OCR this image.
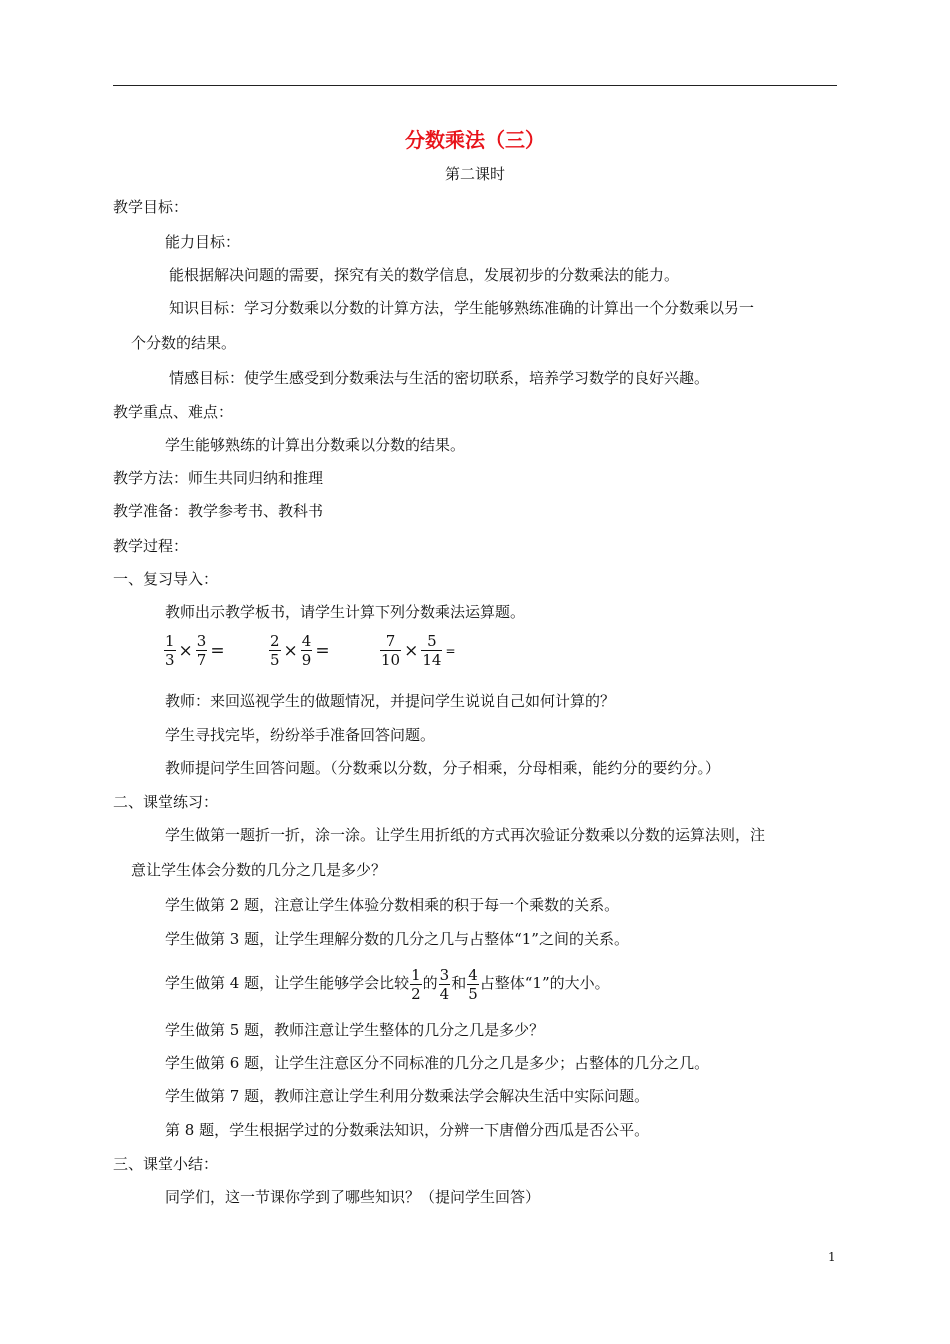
分数乘法（三）
第二课时
教学目标：
能力目标：
能根据解决问题的需要，探究有关的数学信息，发展初步的分数乘法的能力。
知识目标：学习分数乘以分数的计算方法，学生能够熟练准确的计算出一个分数乘以另一
个分数的结果。
情感目标：使学生感受到分数乘法与生活的密切联系，培养学习数学的良好兴趣。
教学重点、难点：
学生能够熟练的计算出分数乘以分数的结果。
教学方法：师生共同归纳和推理
教学准备：教学参考书、教科书
教学过程：
一、复习导入：
教师出示教学板书，请学生计算下列分数乘法运算题。
$\frac{1}{3} \times \frac{3}{7}$ =	$\frac{2}{5} \times \frac{4}{9}$ =	$\frac{7}{10} \times \frac{5}{14}$ =
教师：来回巡视学生的做题情况，并提问学生说说自己如何计算的？
学生寻找完毕，纷纷举手准备回答问题。
教师提问学生回答问题。（分数乘以分数，分子相乘，分母相乘，能约分的要约分。）
二、课堂练习：
学生做第一题折一折，涂一涂。让学生用折纸的方式再次验证分数乘以分数的运算法则，注
意让学生体会分数的几分之几是多少？
学生做第 2 题，注意让学生体验分数相乘的积于每一个乘数的关系。
学生做第 3 题，让学生理解分数的几分之几与占整体“1”之间的关系。
学生做第 4 题，让学生能够学会比较 $\frac{1}{2}$ 的 $\frac{3}{4}$ 和 $\frac{4}{5}$ 占整体“1”的大小。
学生做第 5 题，教师注意让学生整体的几分之几是多少？
学生做第 6 题，让学生注意区分不同标准的几分之几是多少；占整体的几分之几。
学生做第 7 题，教师注意让学生利用分数乘法学会解决生活中实际问题。
第 8 题，学生根据学过的分数乘法知识，分辨一下唐僧分西瓜是否公平。
三、课堂小结：
同学们，这一节课你学到了哪些知识？（提问学生回答）
1
